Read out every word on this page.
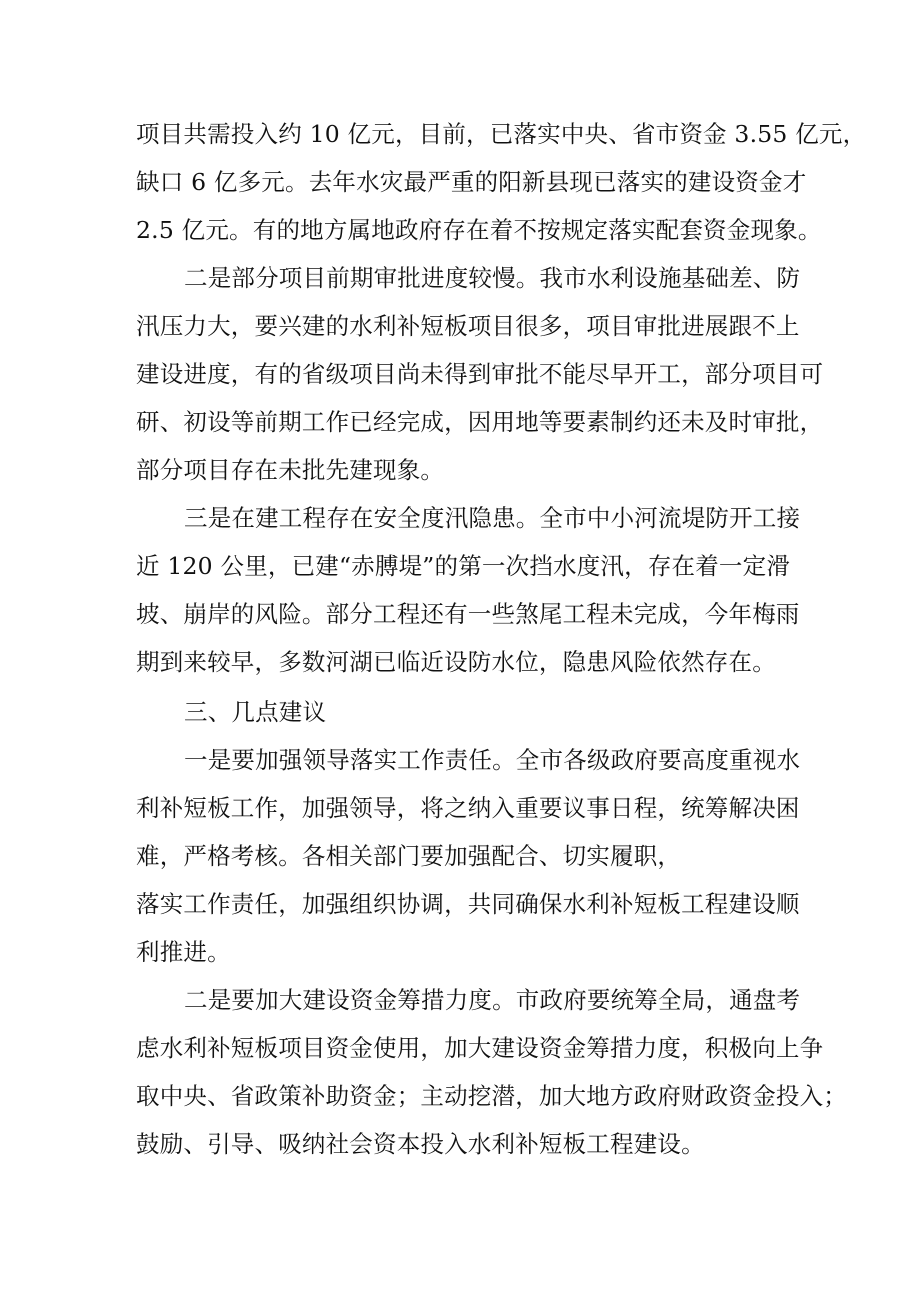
项目共需投入约 10 亿元，目前，已落实中央、省市资金 3.55 亿元，
缺口 6 亿多元。去年水灾最严重的阳新县现已落实的建设资金才
2.5 亿元。有的地方属地政府存在着不按规定落实配套资金现象。
二是部分项目前期审批进度较慢。我市水利设施基础差、防
汛压力大，要兴建的水利补短板项目很多，项目审批进展跟不上
建设进度，有的省级项目尚未得到审批不能尽早开工，部分项目可
研、初设等前期工作已经完成，因用地等要素制约还未及时审批，
部分项目存在未批先建现象。
三是在建工程存在安全度汛隐患。全市中小河流堤防开工接
近 120 公里，已建“赤膊堤”的第一次挡水度汛，存在着一定滑
坡、崩岸的风险。部分工程还有一些煞尾工程未完成，今年梅雨
期到来较早，多数河湖已临近设防水位，隐患风险依然存在。
三、几点建议
一是要加强领导落实工作责任。全市各级政府要高度重视水
利补短板工作，加强领导，将之纳入重要议事日程，统筹解决困
难，严格考核。各相关部门要加强配合、切实履职，
落实工作责任，加强组织协调，共同确保水利补短板工程建设顺
利推进。
二是要加大建设资金筹措力度。市政府要统筹全局，通盘考
虑水利补短板项目资金使用，加大建设资金筹措力度，积极向上争
取中央、省政策补助资金；主动挖潜，加大地方政府财政资金投入；
鼓励、引导、吸纳社会资本投入水利补短板工程建设。
